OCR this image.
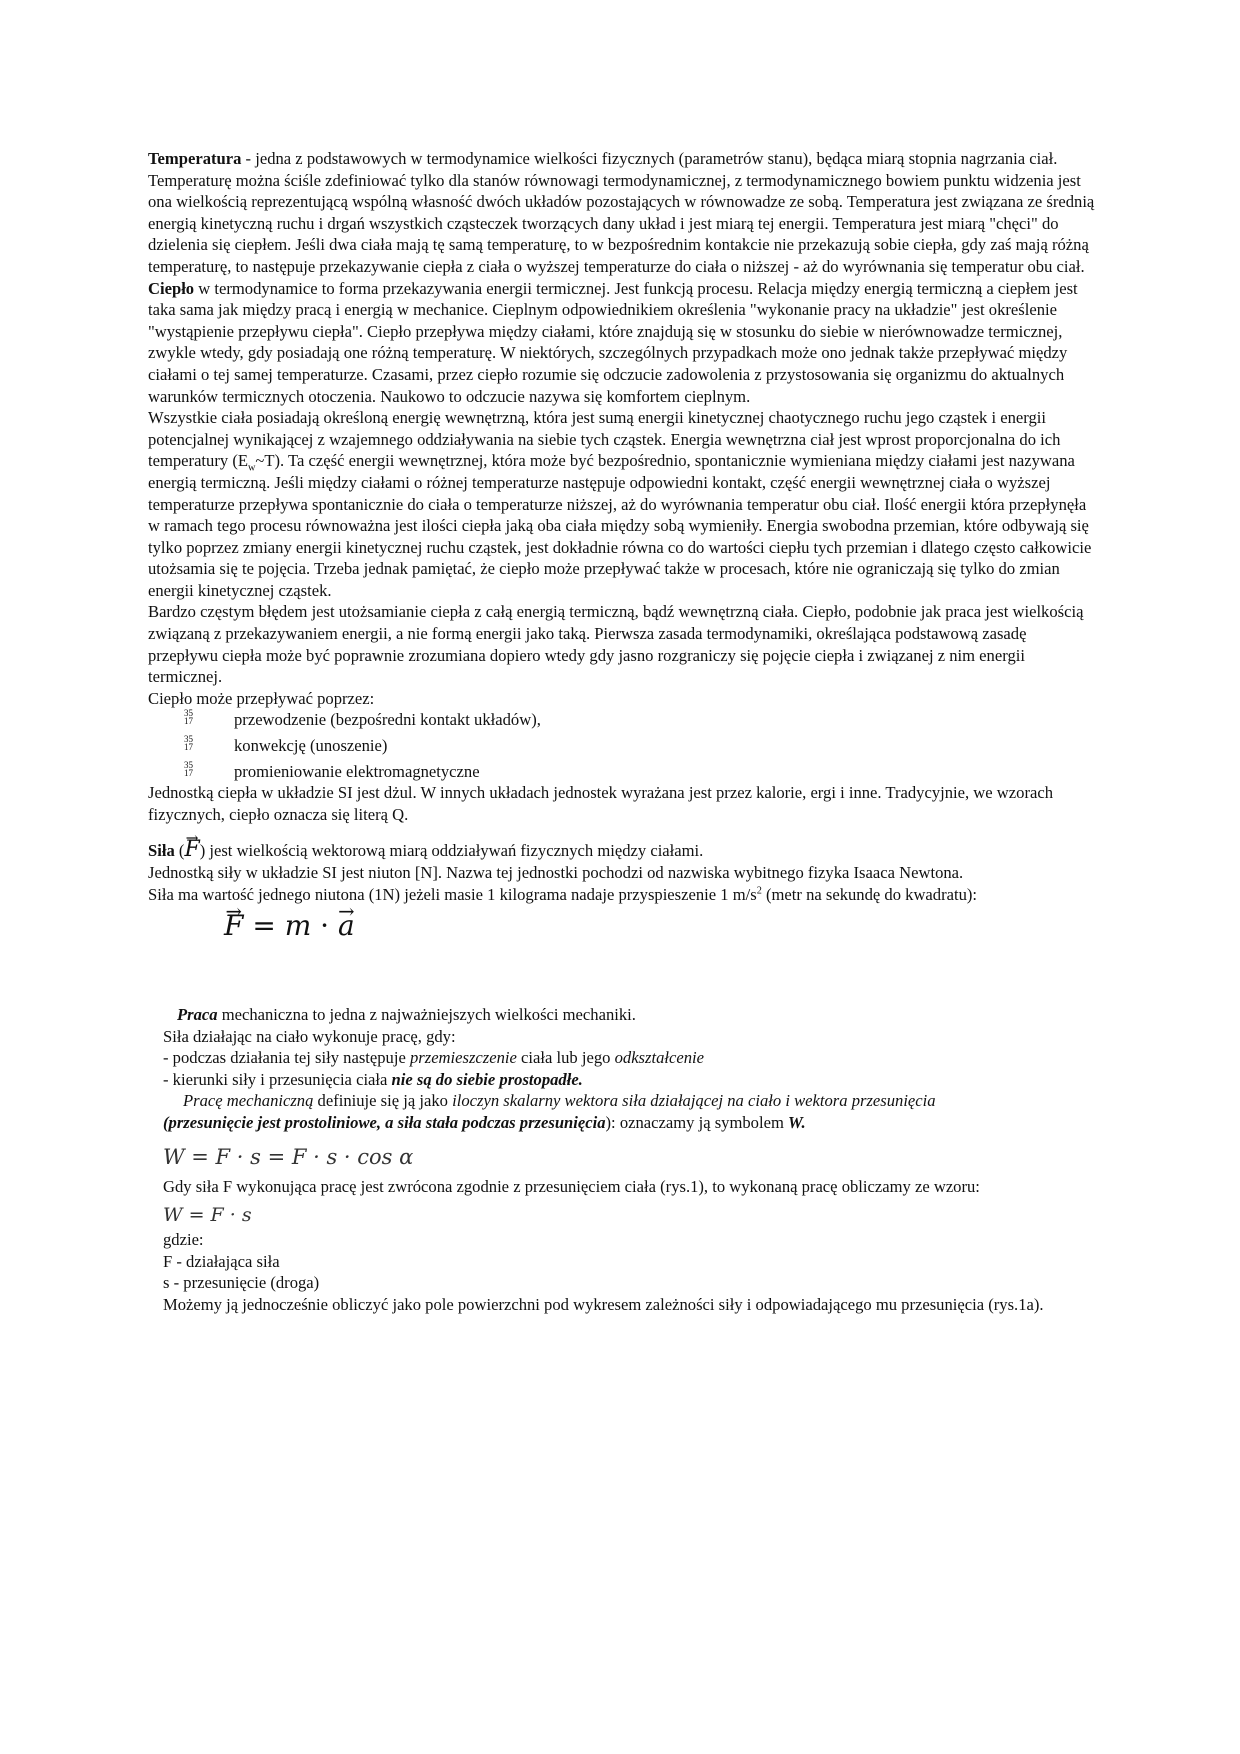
Temperatura - jedna z podstawowych w termodynamice wielkości fizycznych (parametrów stanu), będąca miarą stopnia nagrzania ciał. Temperaturę można ściśle zdefiniować tylko dla stanów równowagi termodynamicznej, z termodynamicznego bowiem punktu widzenia jest ona wielkością reprezentującą wspólną własność dwóch układów pozostających w równowadze ze sobą. Temperatura jest związana ze średnią energią kinetyczną ruchu i drgań wszystkich cząsteczek tworzących dany układ i jest miarą tej energii. Temperatura jest miarą "chęci" do dzielenia się ciepłem. Jeśli dwa ciała mają tę samą temperaturę, to w bezpośrednim kontakcie nie przekazują sobie ciepła, gdy zaś mają różną temperaturę, to następuje przekazywanie ciepła z ciała o wyższej temperaturze do ciała o niższej - aż do wyrównania się temperatur obu ciał.

Ciepło w termodynamice to forma przekazywania energii termicznej. Jest funkcją procesu. Relacja między energią termiczną a ciepłem jest taka sama jak między pracą i energią w mechanice. Cieplnym odpowiednikiem określenia "wykonanie pracy na układzie" jest określenie "wystąpienie przepływu ciepła". Ciepło przepływa między ciałami, które znajdują się w stosunku do siebie w nierównowadze termicznej, zwykle wtedy, gdy posiadają one różną temperaturę. W niektórych, szczególnych przypadkach może ono jednak także przepływać między ciałami o tej samej temperaturze. Czasami, przez ciepło rozumie się odczucie zadowolenia z przystosowania się organizmu do aktualnych warunków termicznych otoczenia. Naukowo to odczucie nazywa się komfortem cieplnym.

Wszystkie ciała posiadają określoną energię wewnętrzną, która jest sumą energii kinetycznej chaotycznego ruchu jego cząstek i energii potencjalnej wynikającej z wzajemnego oddziaływania na siebie tych cząstek. Energia wewnętrzna ciał jest wprost proporcjonalna do ich temperatury $(E_w\sim T)$. Ta część energii wewnętrznej, która może być bezpośrednio, spontanicznie wymieniana między ciałami jest nazywana energią termiczną. Jeśli między ciałami o różnej temperaturze następuje odpowiedni kontakt, część energii wewnętrznej ciała o wyższej temperaturze przepływa spontanicznie do ciała o temperaturze niższej, aż do wyrównania temperatur obu ciał. Ilość energii która przepłynęła w ramach tego procesu równoważna jest ilości ciepła jaką oba ciała między sobą wymieniły. Energia swobodna przemian, które odbywają się tylko poprzez zmiany energii kinetycznej ruchu cząstek, jest dokładnie równa co do wartości ciepłu tych przemian i dlatego często całkowicie utożsamia się te pojęcia. Trzeba jednak pamiętać, że ciepło może przepływać także w procesach, które nie ograniczają się tylko do zmian energii kinetycznej cząstek.

Bardzo częstym błędem jest utożsamianie ciepła z całą energią termiczną, bądź wewnętrzną ciała. Ciepło, podobnie jak praca jest wielkością związaną z przekazywaniem energii, a nie formą energii jako taką. Pierwsza zasada termodynamiki, określająca podstawową zasadę przepływu ciepła może być poprawnie zrozumiana dopiero wtedy gdy jasno rozgraniczy się pojęcie ciepła i związanej z nim energii termicznej.

Ciepło może przepływać poprzez:

35
17	przewodzenie (bezpośredni kontakt układów),
35
17	konwekcję (unoszenie)
35
17	promieniowanie elektromagnetyczne

Jednostką ciepła w układzie SI jest dżul. W innych układach jednostek wyrażana jest przez kalorie, ergi i inne. Tradycyjnie, we wzorach fizycznych, ciepło oznacza się literą Q.

Siła (→ F) jest wielkością wektorową miarą oddziaływań fizycznych między ciałami.

Jednostką siły w układzie SI jest niuton [N]. Nazwa tej jednostki pochodzi od nazwiska wybitnego fizyka Isaaca Newtona.

Siła ma wartość jednego niutona (1N) jeżeli masie 1 kilograma nadaje przyspieszenie 1 $m/s^2$ (metr na sekundę do kwadratu):

→ F = m · → a

Praca mechaniczna to jedna z najważniejszych wielkości mechaniki.

Siła działając na ciało wykonuje pracę, gdy:

- podczas działania tej siły następuje przemieszczenie ciała lub jego odkształcenie

- kierunki siły i przesunięcia ciała nie są do siebie prostopadłe.

Pracę mechaniczną definiuje się ją jako iloczyn skalarny wektora siła działającej na ciało i wektora przesunięcia
(przesunięcie jest prostoliniowe, a siła stała podczas przesunięcia): oznaczamy ją symbolem W.

W = F · s = F · s · cos α

Gdy siła F wykonująca pracę jest zwrócona zgodnie z przesunięciem ciała (rys.1), to wykonaną pracę obliczamy ze wzoru:

W = F · s

gdzie:

F - działająca siła

s - przesunięcie (droga)

Możemy ją jednocześnie obliczyć jako pole powierzchni pod wykresem zależności siły i odpowiadającego mu przesunięcia (rys.1a).
